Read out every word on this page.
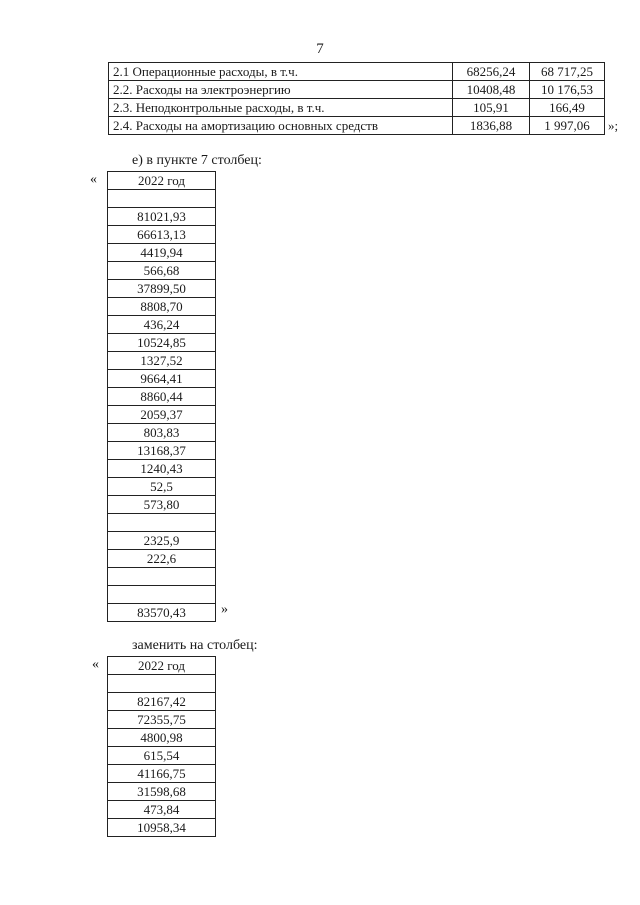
7
2.1 Операционные расходы, в т.ч.	68256,24	68 717,25
2.2. Расходы на электроэнергию	10408,48	10 176,53
2.3. Неподконтрольные расходы, в т.ч.	105,91	166,49
2.4. Расходы на амортизацию основных средств	1836,88	1 997,06 »;
е) в пункте 7 столбец:
«	2022 год

81021,93
66613,13
4419,94
566,68
37899,50
8808,70
436,24
10524,85
1327,52
9664,41
8860,44
2059,37
803,83
13168,37
1240,43
52,5
573,80

2325,9
222,6

83570,43	»
заменить на столбец:
«	2022 год

82167,42
72355,75
4800,98
615,54
41166,75
31598,68
473,84
10958,34
